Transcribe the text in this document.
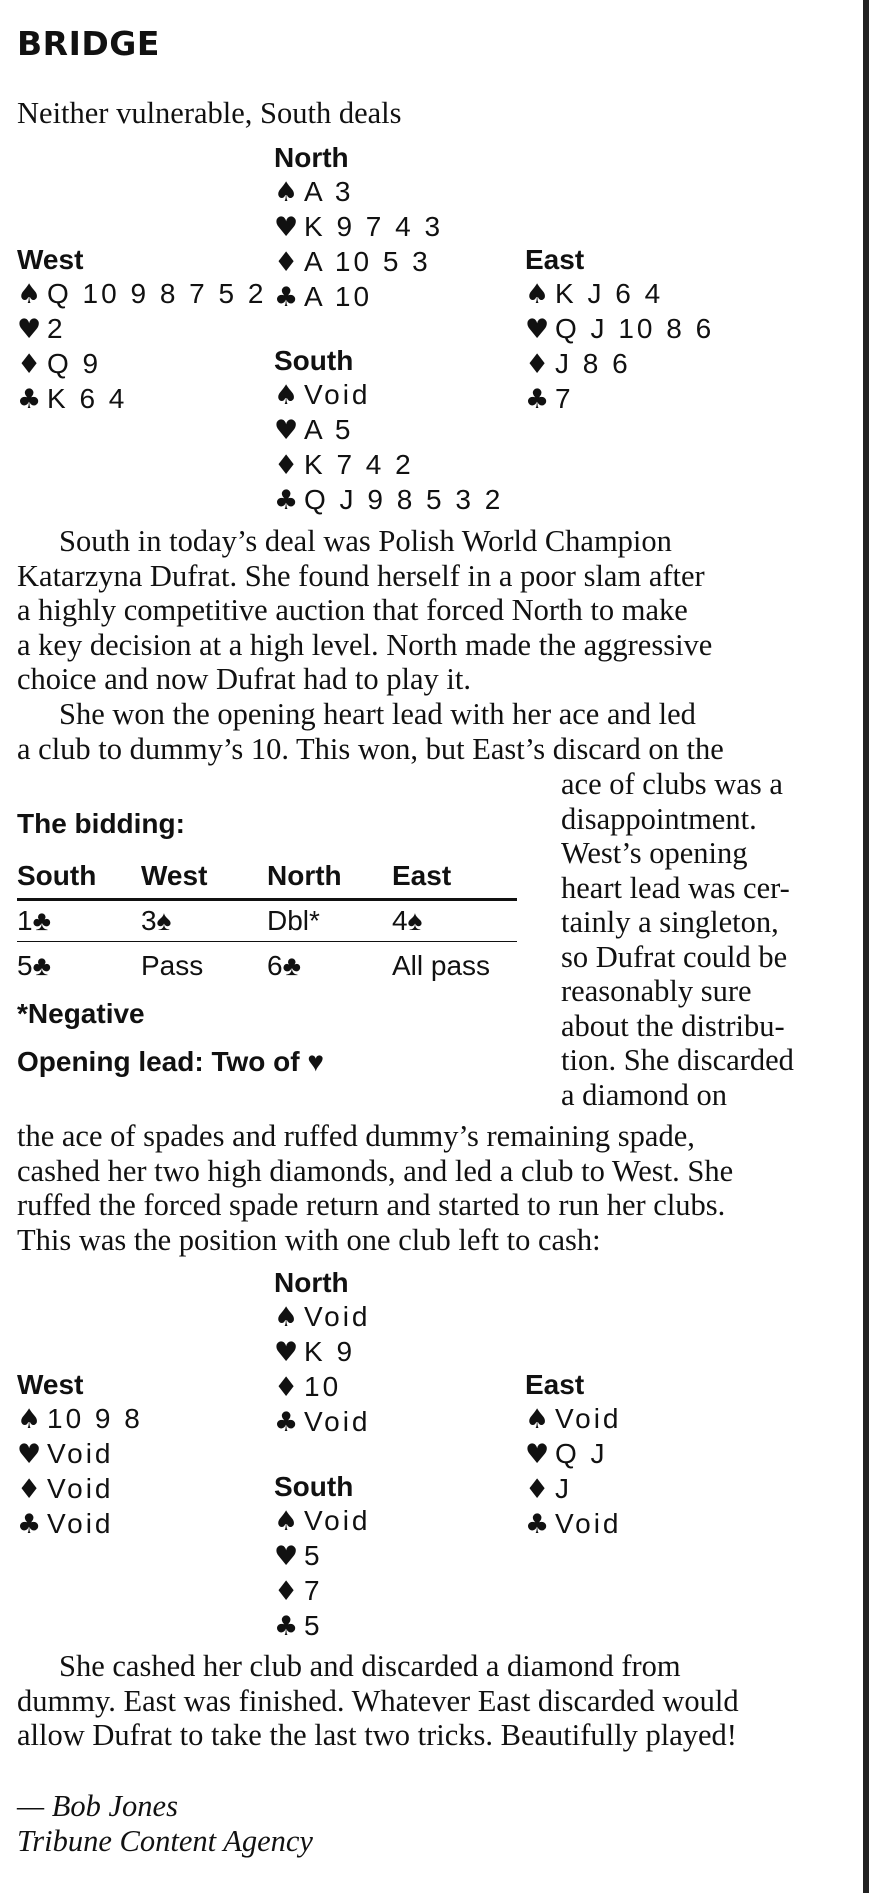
BRIDGE
Neither vulnerable, South deals
North
♠ A 3
♥ K 9 7 4 3
♦ A 10 5 3
♣ A 10
West
♠ Q 10 9 8 7 5 2
♥ 2
♦ Q 9
♣ K 6 4
East
♠ K J 6 4
♥ Q J 10 8 6
♦ J 8 6
♣ 7
South
♠ Void
♥ A 5
♦ K 7 4 2
♣ Q J 9 8 5 3 2
South in today’s deal was Polish World Champion
Katarzyna Dufrat. She found herself in a poor slam after
a highly competitive auction that forced North to make
a key decision at a high level. North made the aggressive
choice and now Dufrat had to play it.
She won the opening heart lead with her ace and led
a club to dummy’s 10. This won, but East’s discard on the
ace of clubs was a
disappointment.
West’s opening
heart lead was cer-
tainly a singleton,
so Dufrat could be
reasonably sure
about the distribu-
tion. She discarded
a diamond on
The bidding:
South West North East
1♣	3♠	Dbl*	4♠
5♣	Pass 6♣	All pass
*Negative
Opening lead: Two of ♥
the ace of spades and ruffed dummy’s remaining spade,
cashed her two high diamonds, and led a club to West. She
ruffed the forced spade return and started to run her clubs.
This was the position with one club left to cash:
North
♠ Void
♥ K 9
♦ 10
♣ Void
West
♠ 10 9 8
♥ Void
♦ Void
♣ Void
East
♠ Void
♥ Q J
♦ J
♣ Void
South
♠ Void
♥ 5
♦ 7
♣ 5
She cashed her club and discarded a diamond from
dummy. East was finished. Whatever East discarded would
allow Dufrat to take the last two tricks. Beautifully played!
— Bob Jones
Tribune Content Agency
